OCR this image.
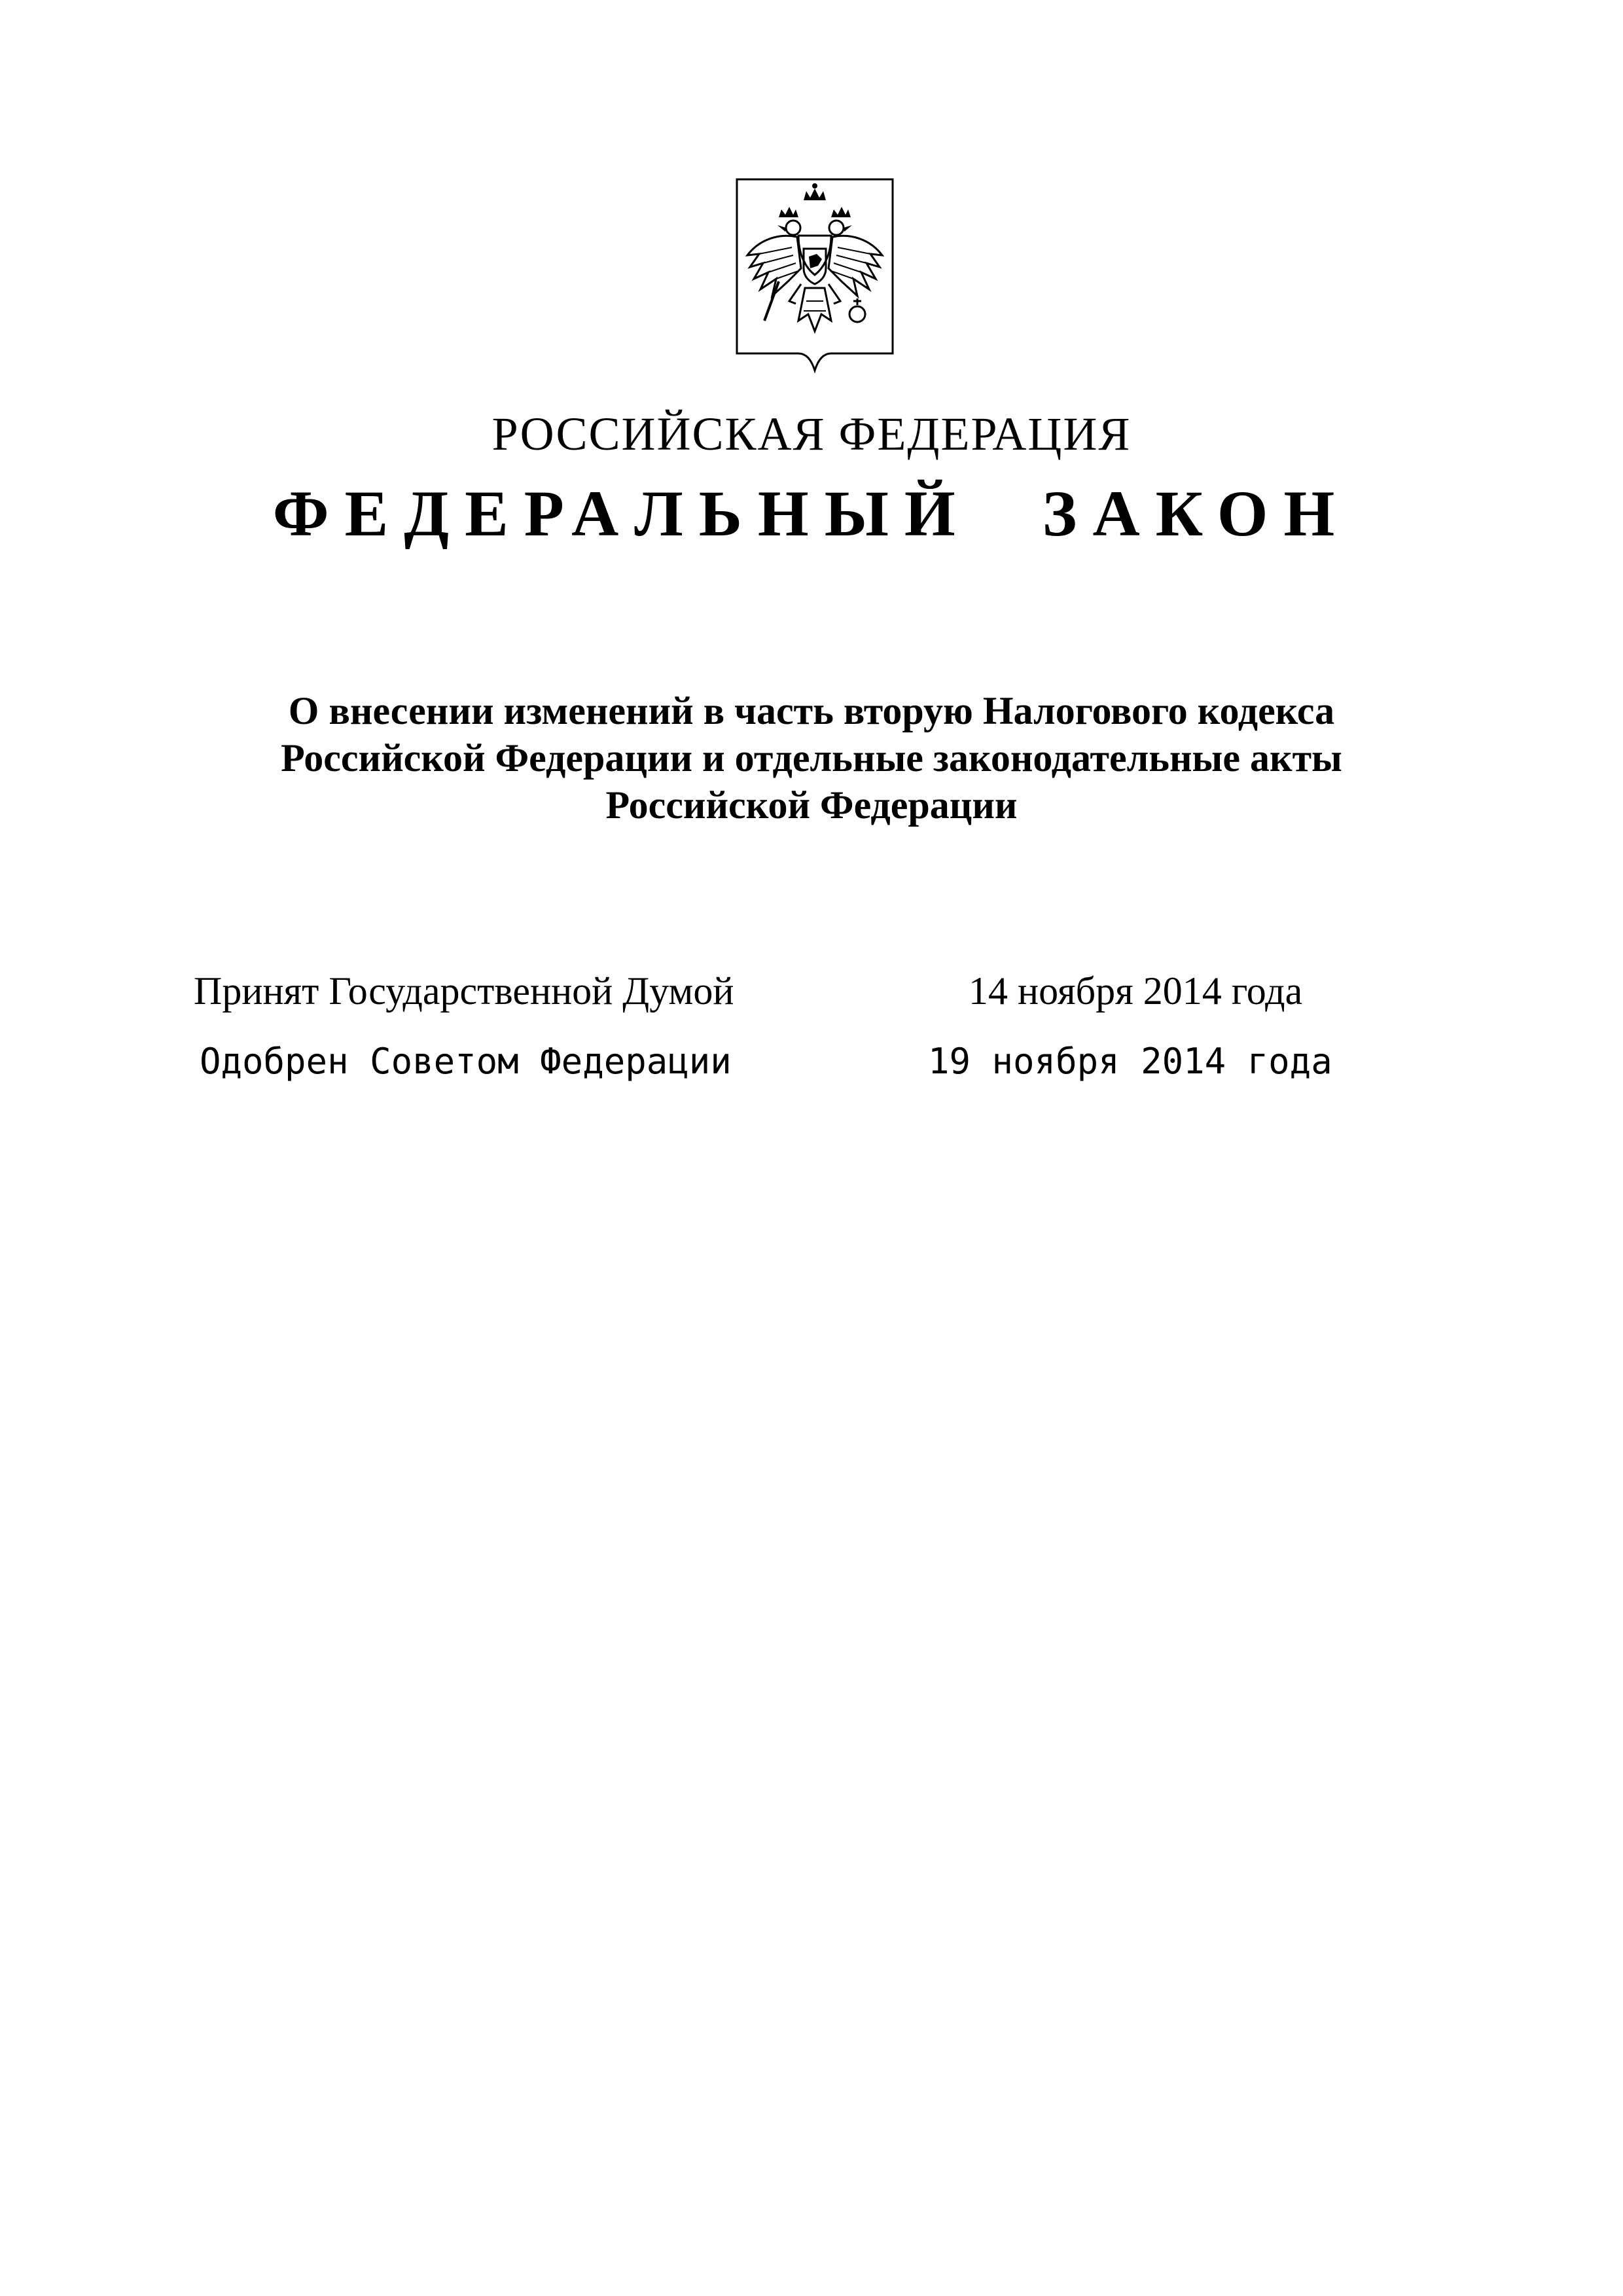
РОССИЙСКАЯ ФЕДЕРАЦИЯ
ФЕДЕРАЛЬНЫЙ ЗАКОН
О внесении изменений в часть вторую Налогового кодекса
Российской Федерации и отдельные законодательные акты
Российской Федерации
Принят Государственной Думой	14 ноября 2014 года
Одобрен Советом Федерации	19 ноября 2014 года
